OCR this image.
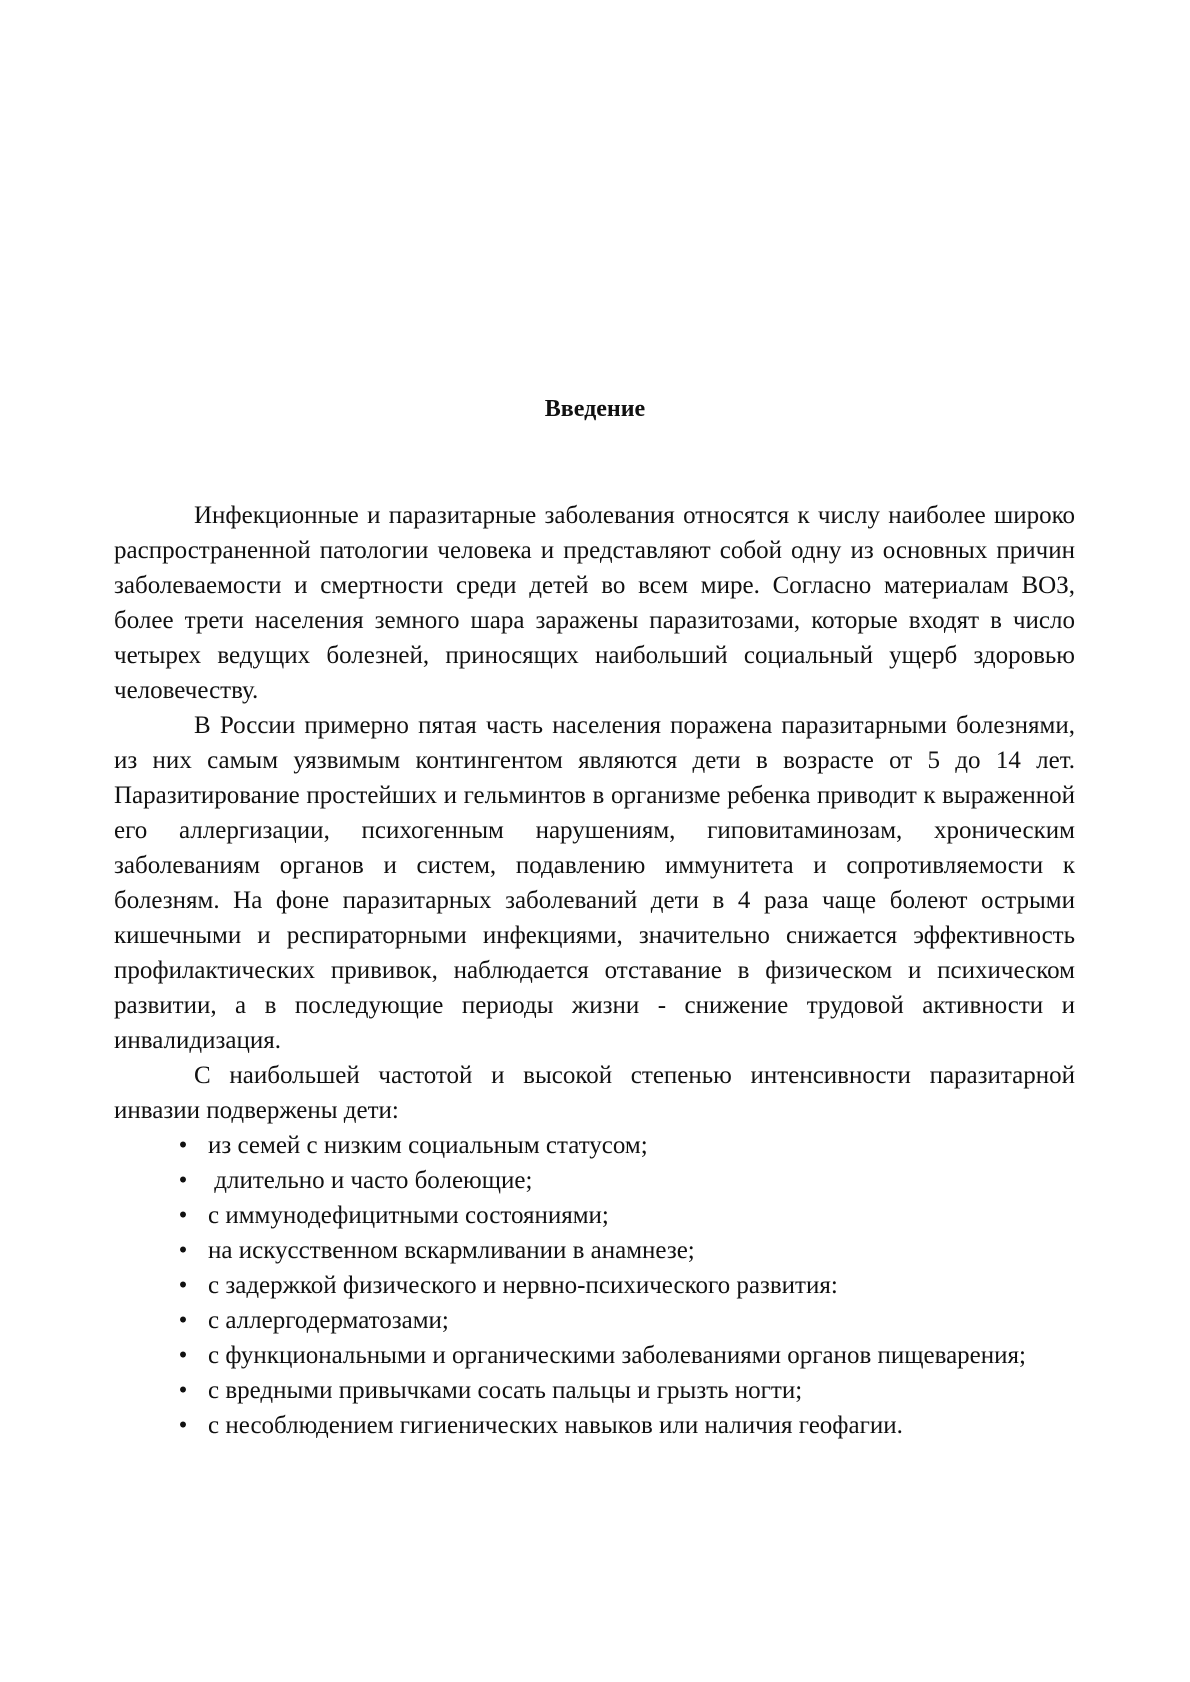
Введение

Инфекционные и паразитарные заболевания относятся к числу наиболее широко распространенной патологии человека и представляют собой одну из основных причин заболеваемости и смертности среди детей во всем мире. Согласно материалам ВОЗ, более трети населения земного шара заражены паразитозами, которые входят в число четырех ведущих болезней, приносящих наибольший социальный ущерб здоровью человечеству.

В России примерно пятая часть населения поражена паразитарными болезнями, из них самым уязвимым контингентом являются дети в возрасте от 5 до 14 лет. Паразитирование простейших и гельминтов в организме ребенка приводит к выраженной его аллергизации, психогенным нарушениям, гиповитаминозам, хроническим заболеваниям органов и систем, подавлению иммунитета и сопротивляемости к болезням. На фоне паразитарных заболеваний дети в 4 раза чаще болеют острыми кишечными и респираторными инфекциями, значительно снижается эффективность профилактических прививок, наблюдается отставание в физическом и психическом развитии, а в последующие периоды жизни - снижение трудовой активности и инвалидизация.

С наибольшей частотой и высокой степенью интенсивности паразитарной инвазии подвержены дети:

• из семей с низким социальным статусом;
• длительно и часто болеющие;
• с иммунодефицитными состояниями;
• на искусственном вскармливании в анамнезе;
• с задержкой физического и нервно-психического развития:
• с аллергодерматозами;
• с функциональными и органическими заболеваниями органов пищеварения;
• с вредными привычками сосать пальцы и грызть ногти;
• с несоблюдением гигиенических навыков или наличия геофагии.
